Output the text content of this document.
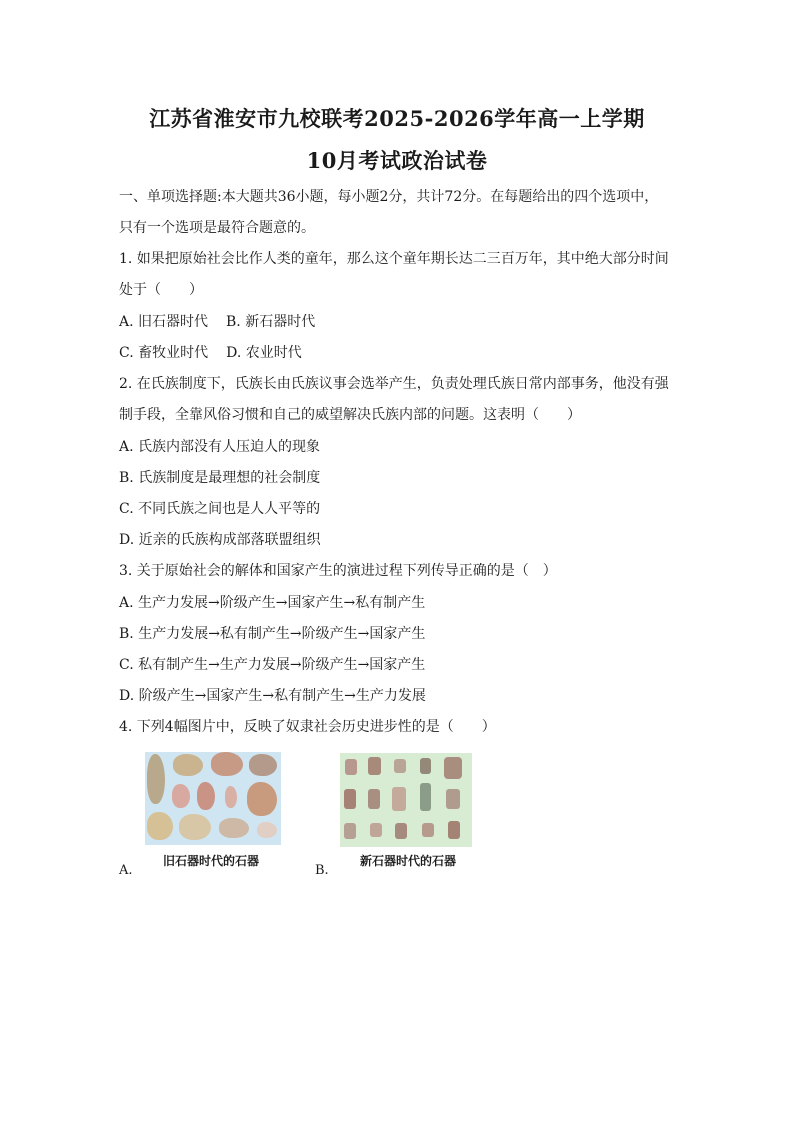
江苏省淮安市九校联考2025-2026学年高一上学期
10月考试政治试卷
一、单项选择题:本大题共36小题，每小题2分，共计72分。在每题给出的四个选项中，
只有一个选项是最符合题意的。
1. 如果把原始社会比作人类的童年，那么这个童年期长达二三百万年，其中绝大部分时间
处于（　　）
A. 旧石器时代 B. 新石器时代
C. 畜牧业时代 D. 农业时代
2. 在氏族制度下，氏族长由氏族议事会选举产生，负责处理氏族日常内部事务，他没有强
制手段，全靠风俗习惯和自己的威望解决氏族内部的问题。这表明（　　）
A. 氏族内部没有人压迫人的现象
B. 氏族制度是最理想的社会制度
C. 不同氏族之间也是人人平等的
D. 近亲的氏族构成部落联盟组织
3. 关于原始社会的解体和国家产生的演进过程下列传导正确的是（　）
A. 生产力发展→阶级产生→国家产生→私有制产生
B. 生产力发展→私有制产生→阶级产生→国家产生
C. 私有制产生→生产力发展→阶级产生→国家产生
D. 阶级产生→国家产生→私有制产生→生产力发展
4. 下列4幅图片中，反映了奴隶社会历史进步性的是（　　）
A.
旧石器时代的石器
B.
新石器时代的石器
